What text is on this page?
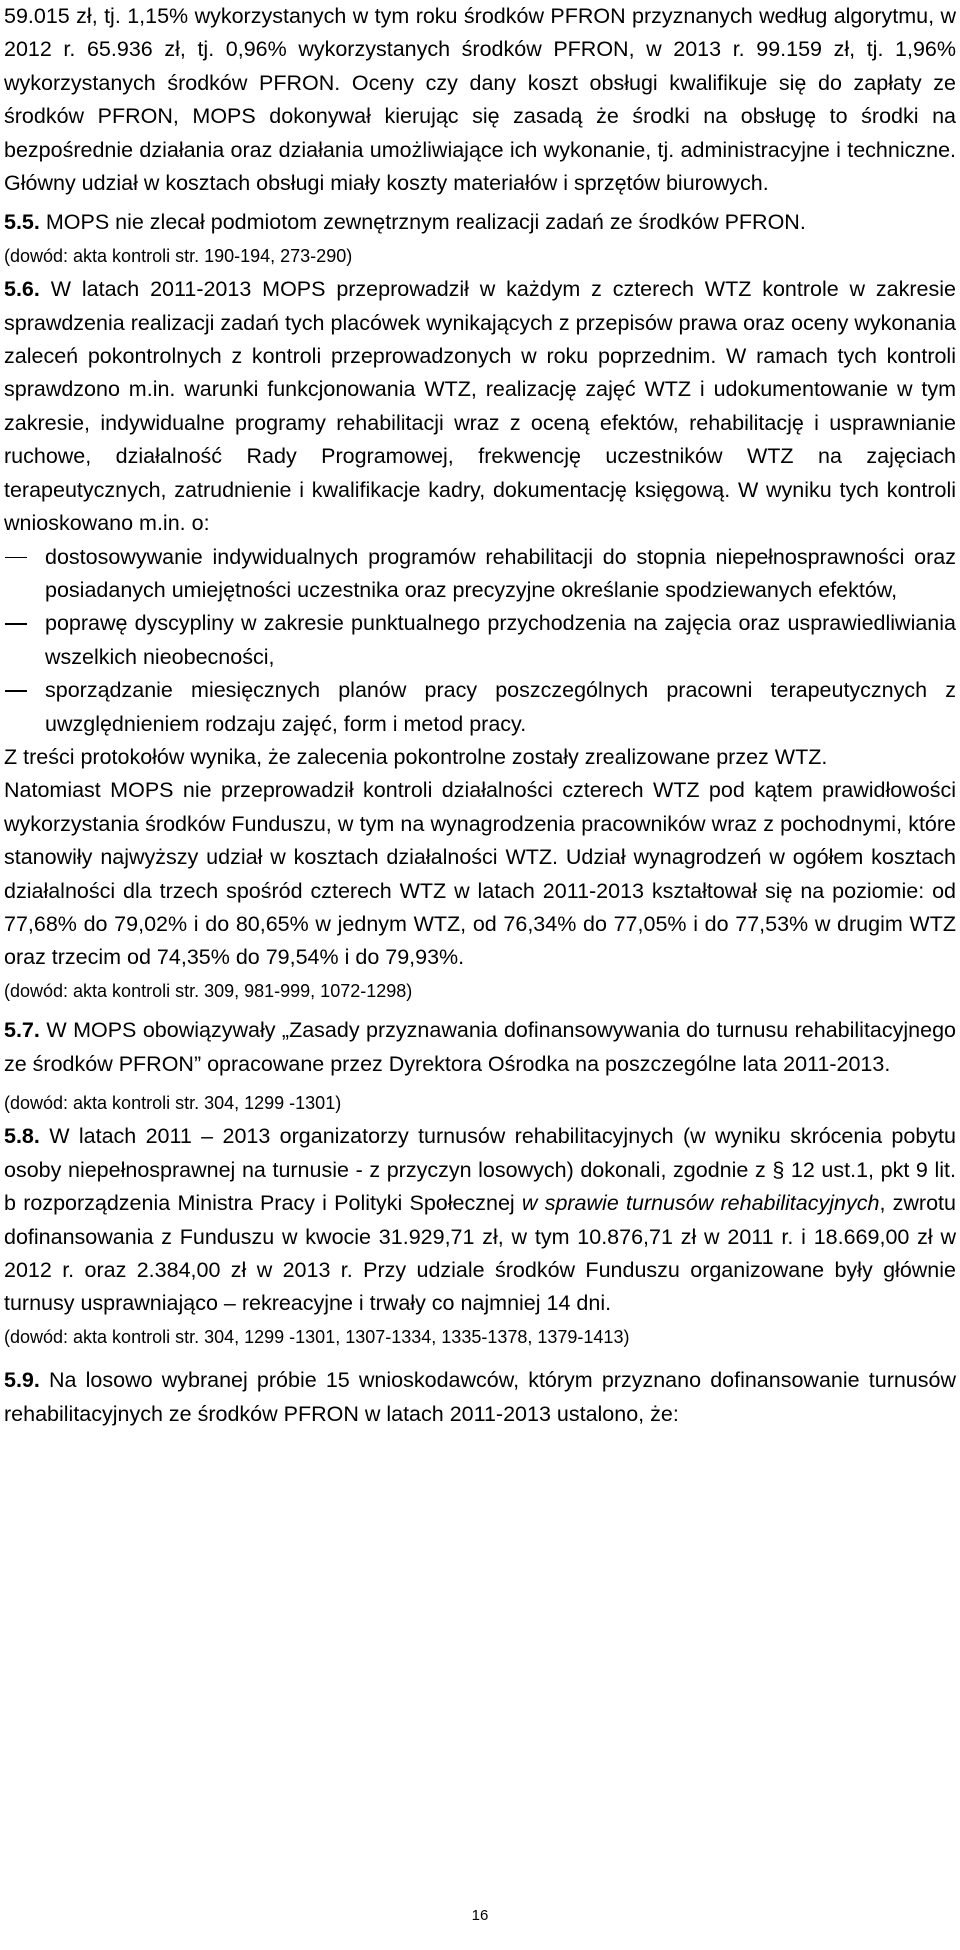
59.015 zł, tj. 1,15% wykorzystanych w tym roku środków PFRON przyznanych według algorytmu, w 2012 r. 65.936 zł, tj. 0,96% wykorzystanych środków PFRON, w 2013 r. 99.159 zł, tj. 1,96% wykorzystanych środków PFRON. Oceny czy dany koszt obsługi kwalifikuje się do zapłaty ze środków PFRON, MOPS dokonywał kierując się zasadą że środki na obsługę to środki na bezpośrednie działania oraz działania umożliwiające ich wykonanie, tj. administracyjne i techniczne. Główny udział w kosztach obsługi miały koszty materiałów i sprzętów biurowych.

5.5. MOPS nie zlecał podmiotom zewnętrznym realizacji zadań ze środków PFRON.

(dowód: akta kontroli str. 190-194, 273-290)

5.6. W latach 2011-2013 MOPS przeprowadził w każdym z czterech WTZ kontrole w zakresie sprawdzenia realizacji zadań tych placówek wynikających z przepisów prawa oraz oceny wykonania zaleceń pokontrolnych z kontroli przeprowadzonych w roku poprzednim. W ramach tych kontroli sprawdzono m.in. warunki funkcjonowania WTZ, realizację zajęć WTZ i udokumentowanie w tym zakresie, indywidualne programy rehabilitacji wraz z oceną efektów, rehabilitację i usprawnianie ruchowe, działalność Rady Programowej, frekwencję uczestników WTZ na zajęciach terapeutycznych, zatrudnienie i kwalifikacje kadry, dokumentację księgową. W wyniku tych kontroli wnioskowano m.in. o:

dostosowywanie indywidualnych programów rehabilitacji do stopnia niepełnosprawności oraz posiadanych umiejętności uczestnika oraz precyzyjne określanie spodziewanych efektów,
poprawę dyscypliny w zakresie punktualnego przychodzenia na zajęcia oraz usprawiedliwiania wszelkich nieobecności,
sporządzanie miesięcznych planów pracy poszczególnych pracowni terapeutycznych z uwzględnieniem rodzaju zajęć, form i metod pracy.

Z treści protokołów wynika, że zalecenia pokontrolne zostały zrealizowane przez WTZ.

Natomiast MOPS nie przeprowadził kontroli działalności czterech WTZ pod kątem prawidłowości wykorzystania środków Funduszu, w tym na wynagrodzenia pracowników wraz z pochodnymi, które stanowiły najwyższy udział w kosztach działalności WTZ. Udział wynagrodzeń w ogółem kosztach działalności dla trzech spośród czterech WTZ w latach 2011-2013 kształtował się na poziomie: od 77,68% do 79,02% i do 80,65% w jednym WTZ, od 76,34% do 77,05% i do 77,53% w drugim WTZ oraz trzecim od 74,35% do 79,54% i do 79,93%.

(dowód: akta kontroli str. 309, 981-999, 1072-1298)

5.7. W MOPS obowiązywały „Zasady przyznawania dofinansowywania do turnusu rehabilitacyjnego ze środków PFRON” opracowane przez Dyrektora Ośrodka na poszczególne lata 2011-2013.

(dowód: akta kontroli str. 304, 1299 -1301)

5.8. W latach 2011 – 2013 organizatorzy turnusów rehabilitacyjnych (w wyniku skrócenia pobytu osoby niepełnosprawnej na turnusie - z przyczyn losowych) dokonali, zgodnie z § 12 ust.1, pkt 9 lit. b rozporządzenia Ministra Pracy i Polityki Społecznej w sprawie turnusów rehabilitacyjnych, zwrotu dofinansowania z Funduszu w kwocie 31.929,71 zł, w tym 10.876,71 zł w 2011 r. i 18.669,00 zł w 2012 r. oraz 2.384,00 zł w 2013 r. Przy udziale środków Funduszu organizowane były głównie turnusy usprawniająco – rekreacyjne i trwały co najmniej 14 dni.

(dowód: akta kontroli str. 304, 1299 -1301, 1307-1334, 1335-1378, 1379-1413)

5.9. Na losowo wybranej próbie 15 wnioskodawców, którym przyznano dofinansowanie turnusów rehabilitacyjnych ze środków PFRON w latach 2011-2013 ustalono, że:

16
